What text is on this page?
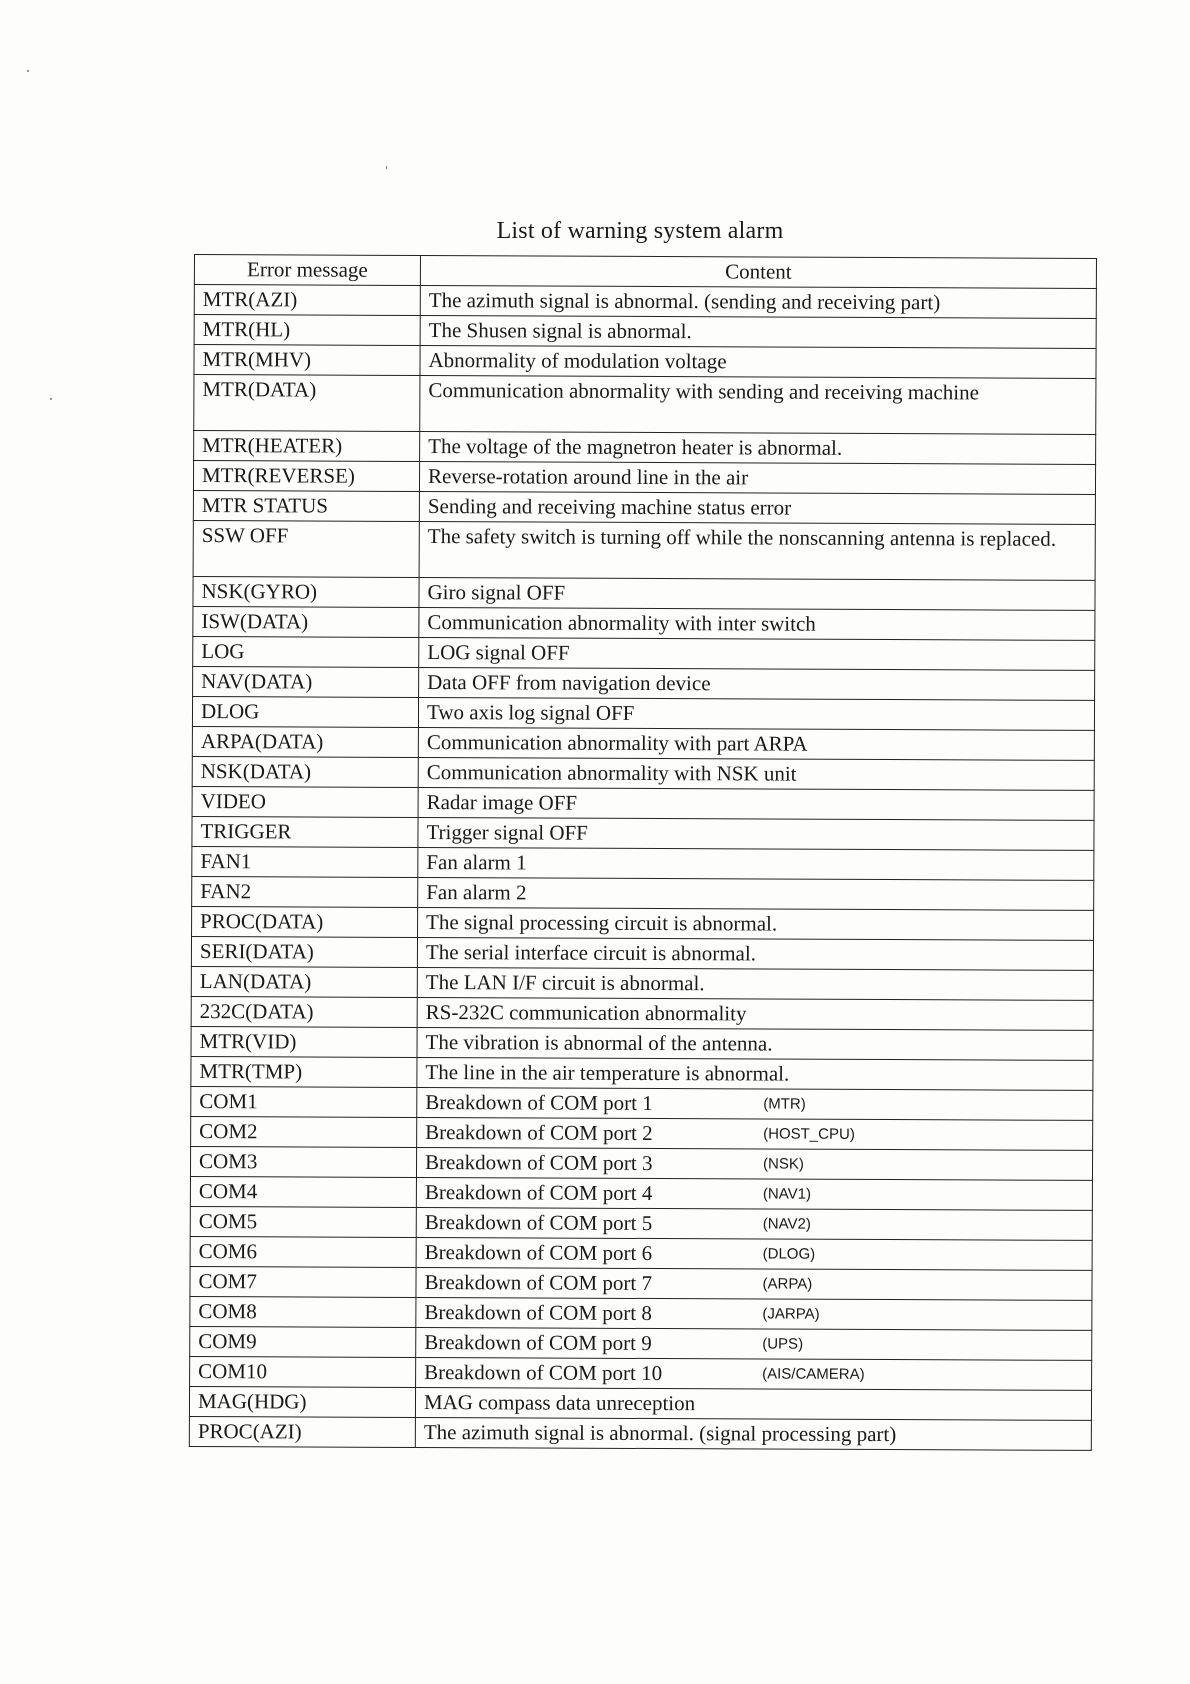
List of warning system alarm
Error message	Content
MTR(AZI)	The azimuth signal is abnormal. (sending and receiving part)
MTR(HL)	The Shusen signal is abnormal.
MTR(MHV)	Abnormality of modulation voltage
MTR(DATA)	Communication abnormality with sending and receiving machine
MTR(HEATER)	The voltage of the magnetron heater is abnormal.
MTR(REVERSE)	Reverse-rotation around line in the air
MTR STATUS	Sending and receiving machine status error
SSW OFF	The safety switch is turning off while the nonscanning antenna is replaced.
NSK(GYRO)	Giro signal OFF
ISW(DATA)	Communication abnormality with inter switch
LOG	LOG signal OFF
NAV(DATA)	Data OFF from navigation device
DLOG	Two axis log signal OFF
ARPA(DATA)	Communication abnormality with part ARPA
NSK(DATA)	Communication abnormality with NSK unit
VIDEO	Radar image OFF
TRIGGER	Trigger signal OFF
FAN1	Fan alarm 1
FAN2	Fan alarm 2
PROC(DATA)	The signal processing circuit is abnormal.
SERI(DATA)	The serial interface circuit is abnormal.
LAN(DATA)	The LAN I/F circuit is abnormal.
232C(DATA)	RS-232C communication abnormality
MTR(VID)	The vibration is abnormal of the antenna.
MTR(TMP)	The line in the air temperature is abnormal.
COM1	Breakdown of COM port 1 (MTR)
COM2	Breakdown of COM port 2 (HOST_CPU)
COM3	Breakdown of COM port 3 (NSK)
COM4	Breakdown of COM port 4 (NAV1)
COM5	Breakdown of COM port 5 (NAV2)
COM6	Breakdown of COM port 6 (DLOG)
COM7	Breakdown of COM port 7 (ARPA)
COM8	Breakdown of COM port 8 (JARPA)
COM9	Breakdown of COM port 9 (UPS)
COM10	Breakdown of COM port 10 (AIS/CAMERA)
MAG(HDG)	MAG compass data unreception
PROC(AZI)	The azimuth signal is abnormal. (signal processing part)
